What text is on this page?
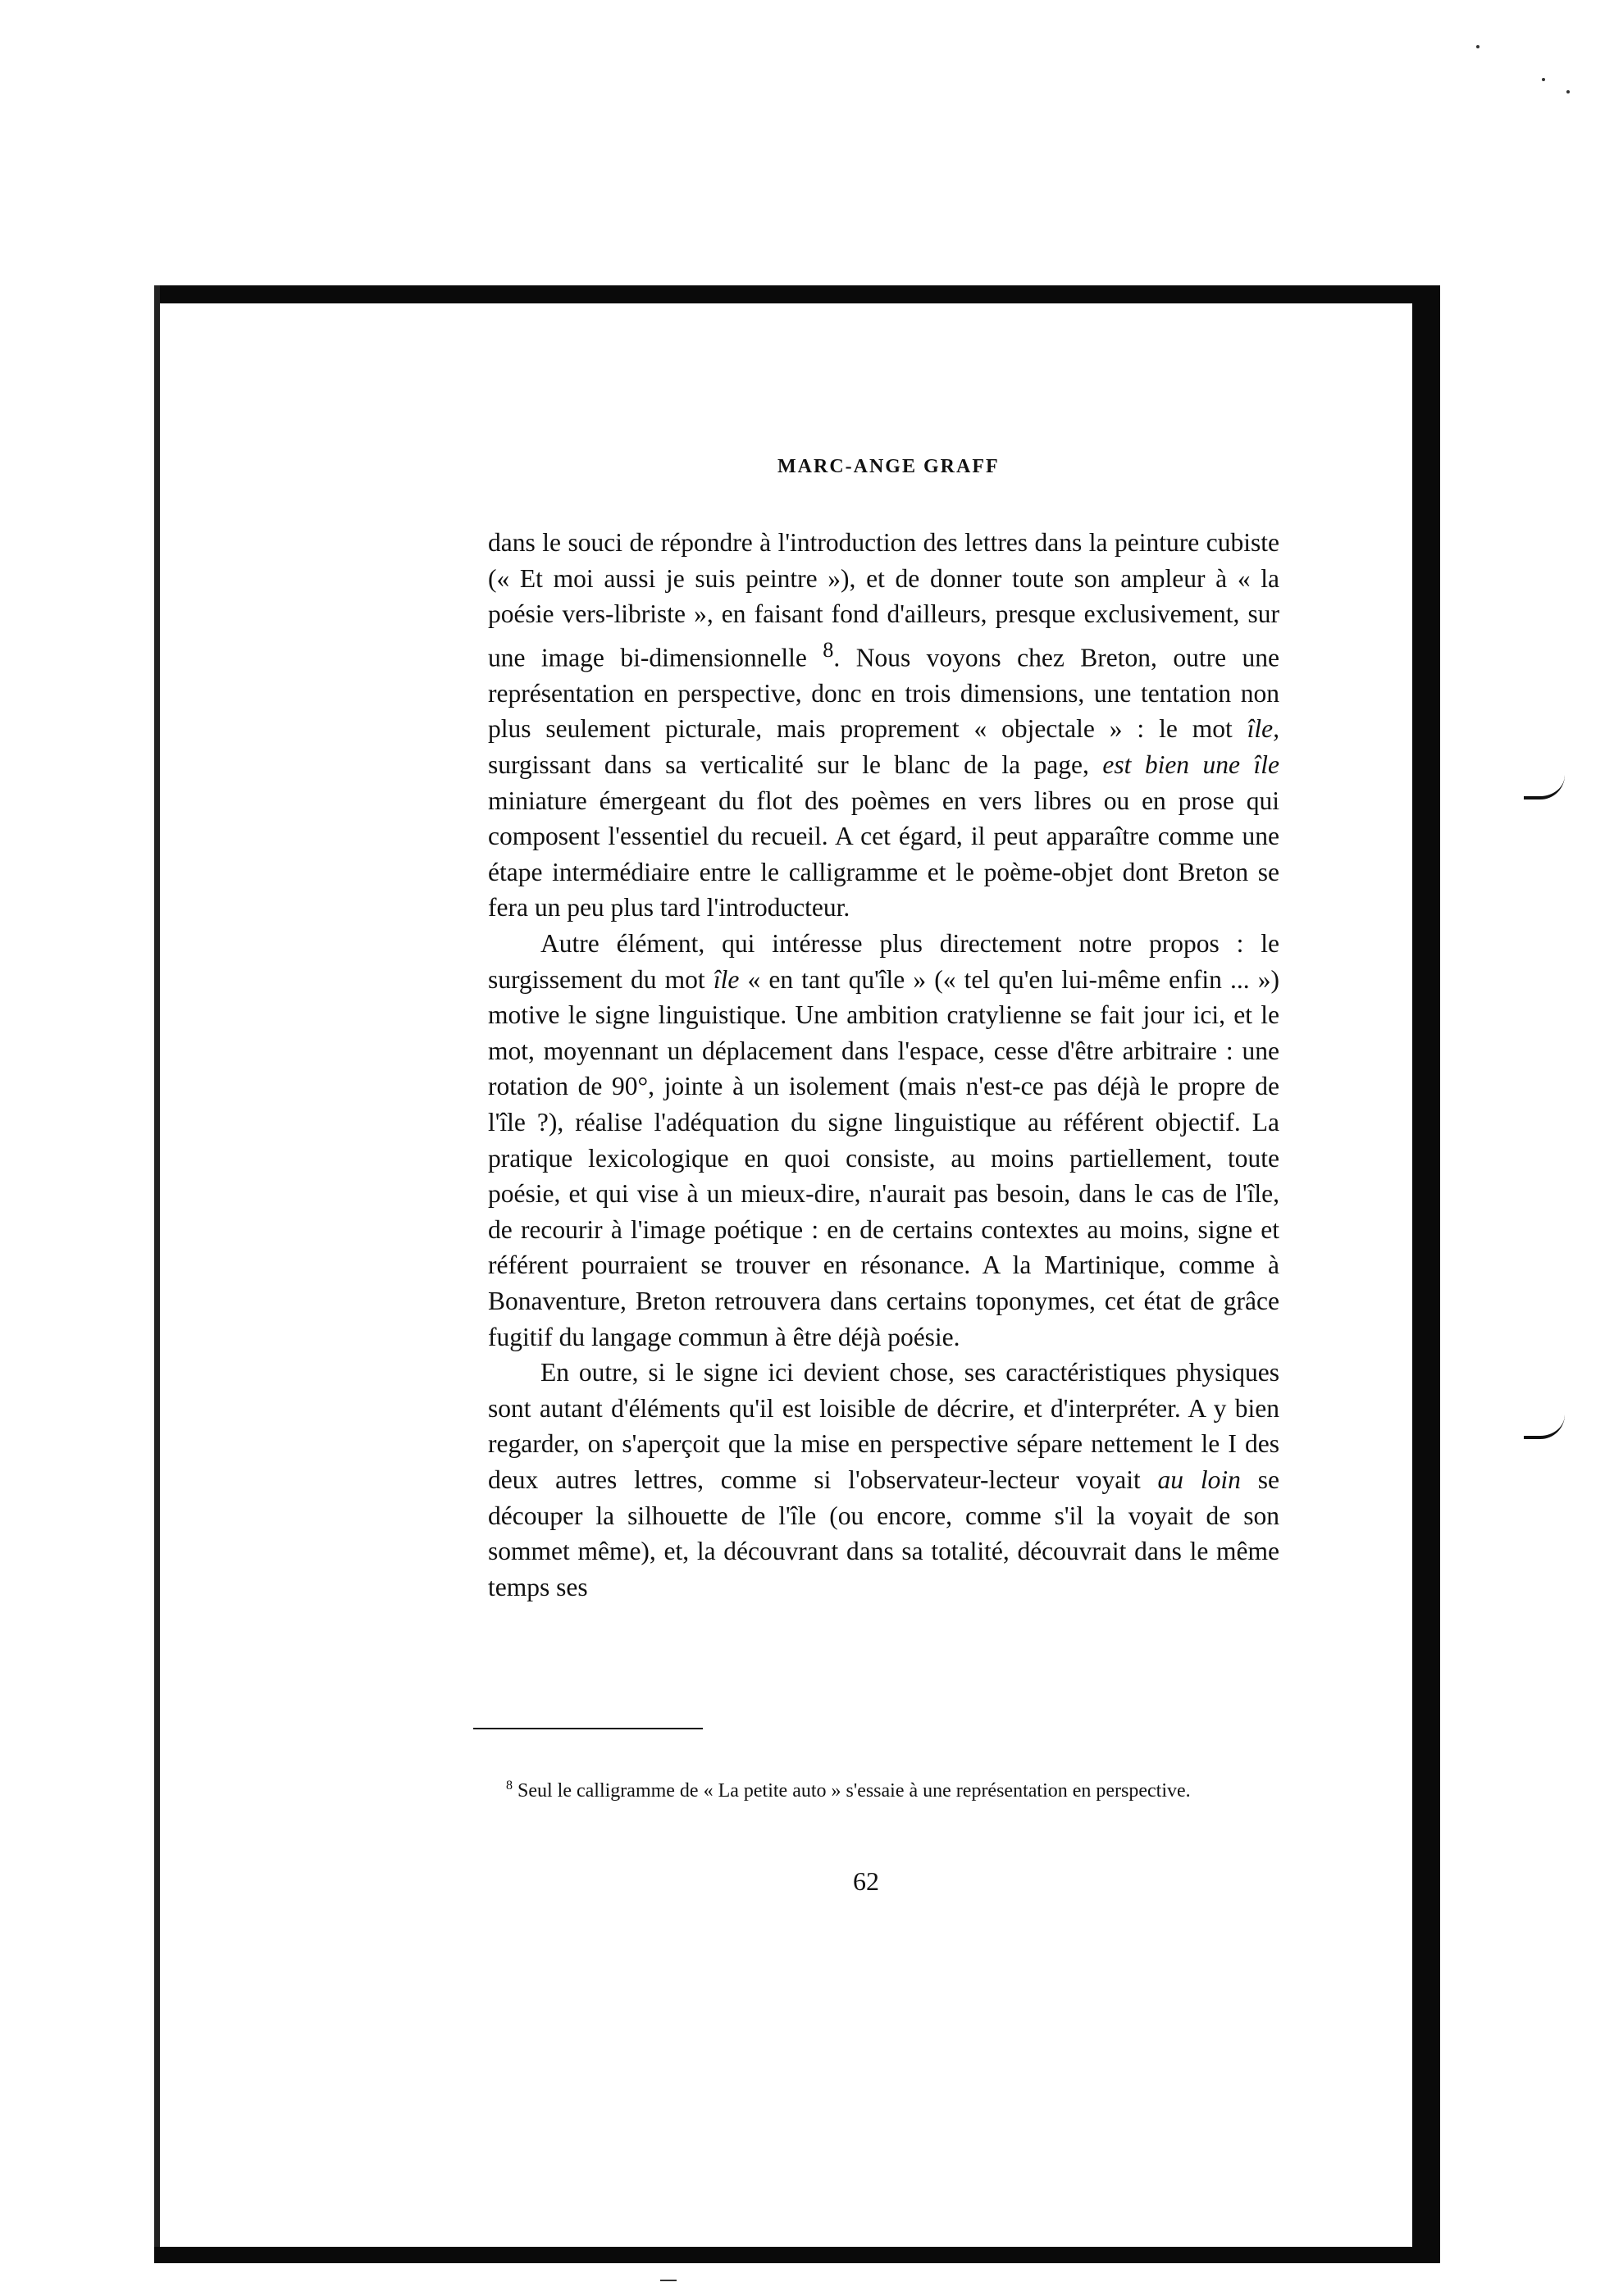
MARC-ANGE GRAFF

dans le souci de répondre à l'introduction des lettres dans la peinture cubiste (« Et moi aussi je suis peintre »), et de donner toute son ampleur à « la poésie vers-libriste », en faisant fond d'ailleurs, presque exclusivement, sur une image bi-dimensionnelle $^8$. Nous voyons chez Breton, outre une représentation en perspective, donc en trois dimensions, une tentation non plus seulement picturale, mais proprement « objectale » : le mot île, surgissant dans sa verticalité sur le blanc de la page, est bien une île miniature émergeant du flot des poèmes en vers libres ou en prose qui composent l'essentiel du recueil. A cet égard, il peut apparaître comme une étape intermédiaire entre le calligramme et le poème-objet dont Breton se fera un peu plus tard l'introducteur.

Autre élément, qui intéresse plus directement notre propos : le surgissement du mot île « en tant qu'île » (« tel qu'en lui-même enfin ... ») motive le signe linguistique. Une ambition cratylienne se fait jour ici, et le mot, moyennant un déplacement dans l'espace, cesse d'être arbitraire : une rotation de 90°, jointe à un isolement (mais n'est-ce pas déjà le propre de l'île ?), réalise l'adéquation du signe linguistique au référent objectif. La pratique lexicologique en quoi consiste, au moins partiellement, toute poésie, et qui vise à un mieux-dire, n'aurait pas besoin, dans le cas de l'île, de recourir à l'image poétique : en de certains contextes au moins, signe et référent pourraient se trouver en résonance. A la Martinique, comme à Bonaventure, Breton retrouvera dans certains toponymes, cet état de grâce fugitif du langage commun à être déjà poésie.

En outre, si le signe ici devient chose, ses caractéristiques physiques sont autant d'éléments qu'il est loisible de décrire, et d'interpréter. A y bien regarder, on s'aperçoit que la mise en perspective sépare nettement le I des deux autres lettres, comme si l'observateur-lecteur voyait au loin se découper la silhouette de l'île (ou encore, comme s'il la voyait de son sommet même), et, la découvrant dans sa totalité, découvrait dans le même temps ses

$^8$ Seul le calligramme de « La petite auto » s'essaie à une représentation en perspective.
62
